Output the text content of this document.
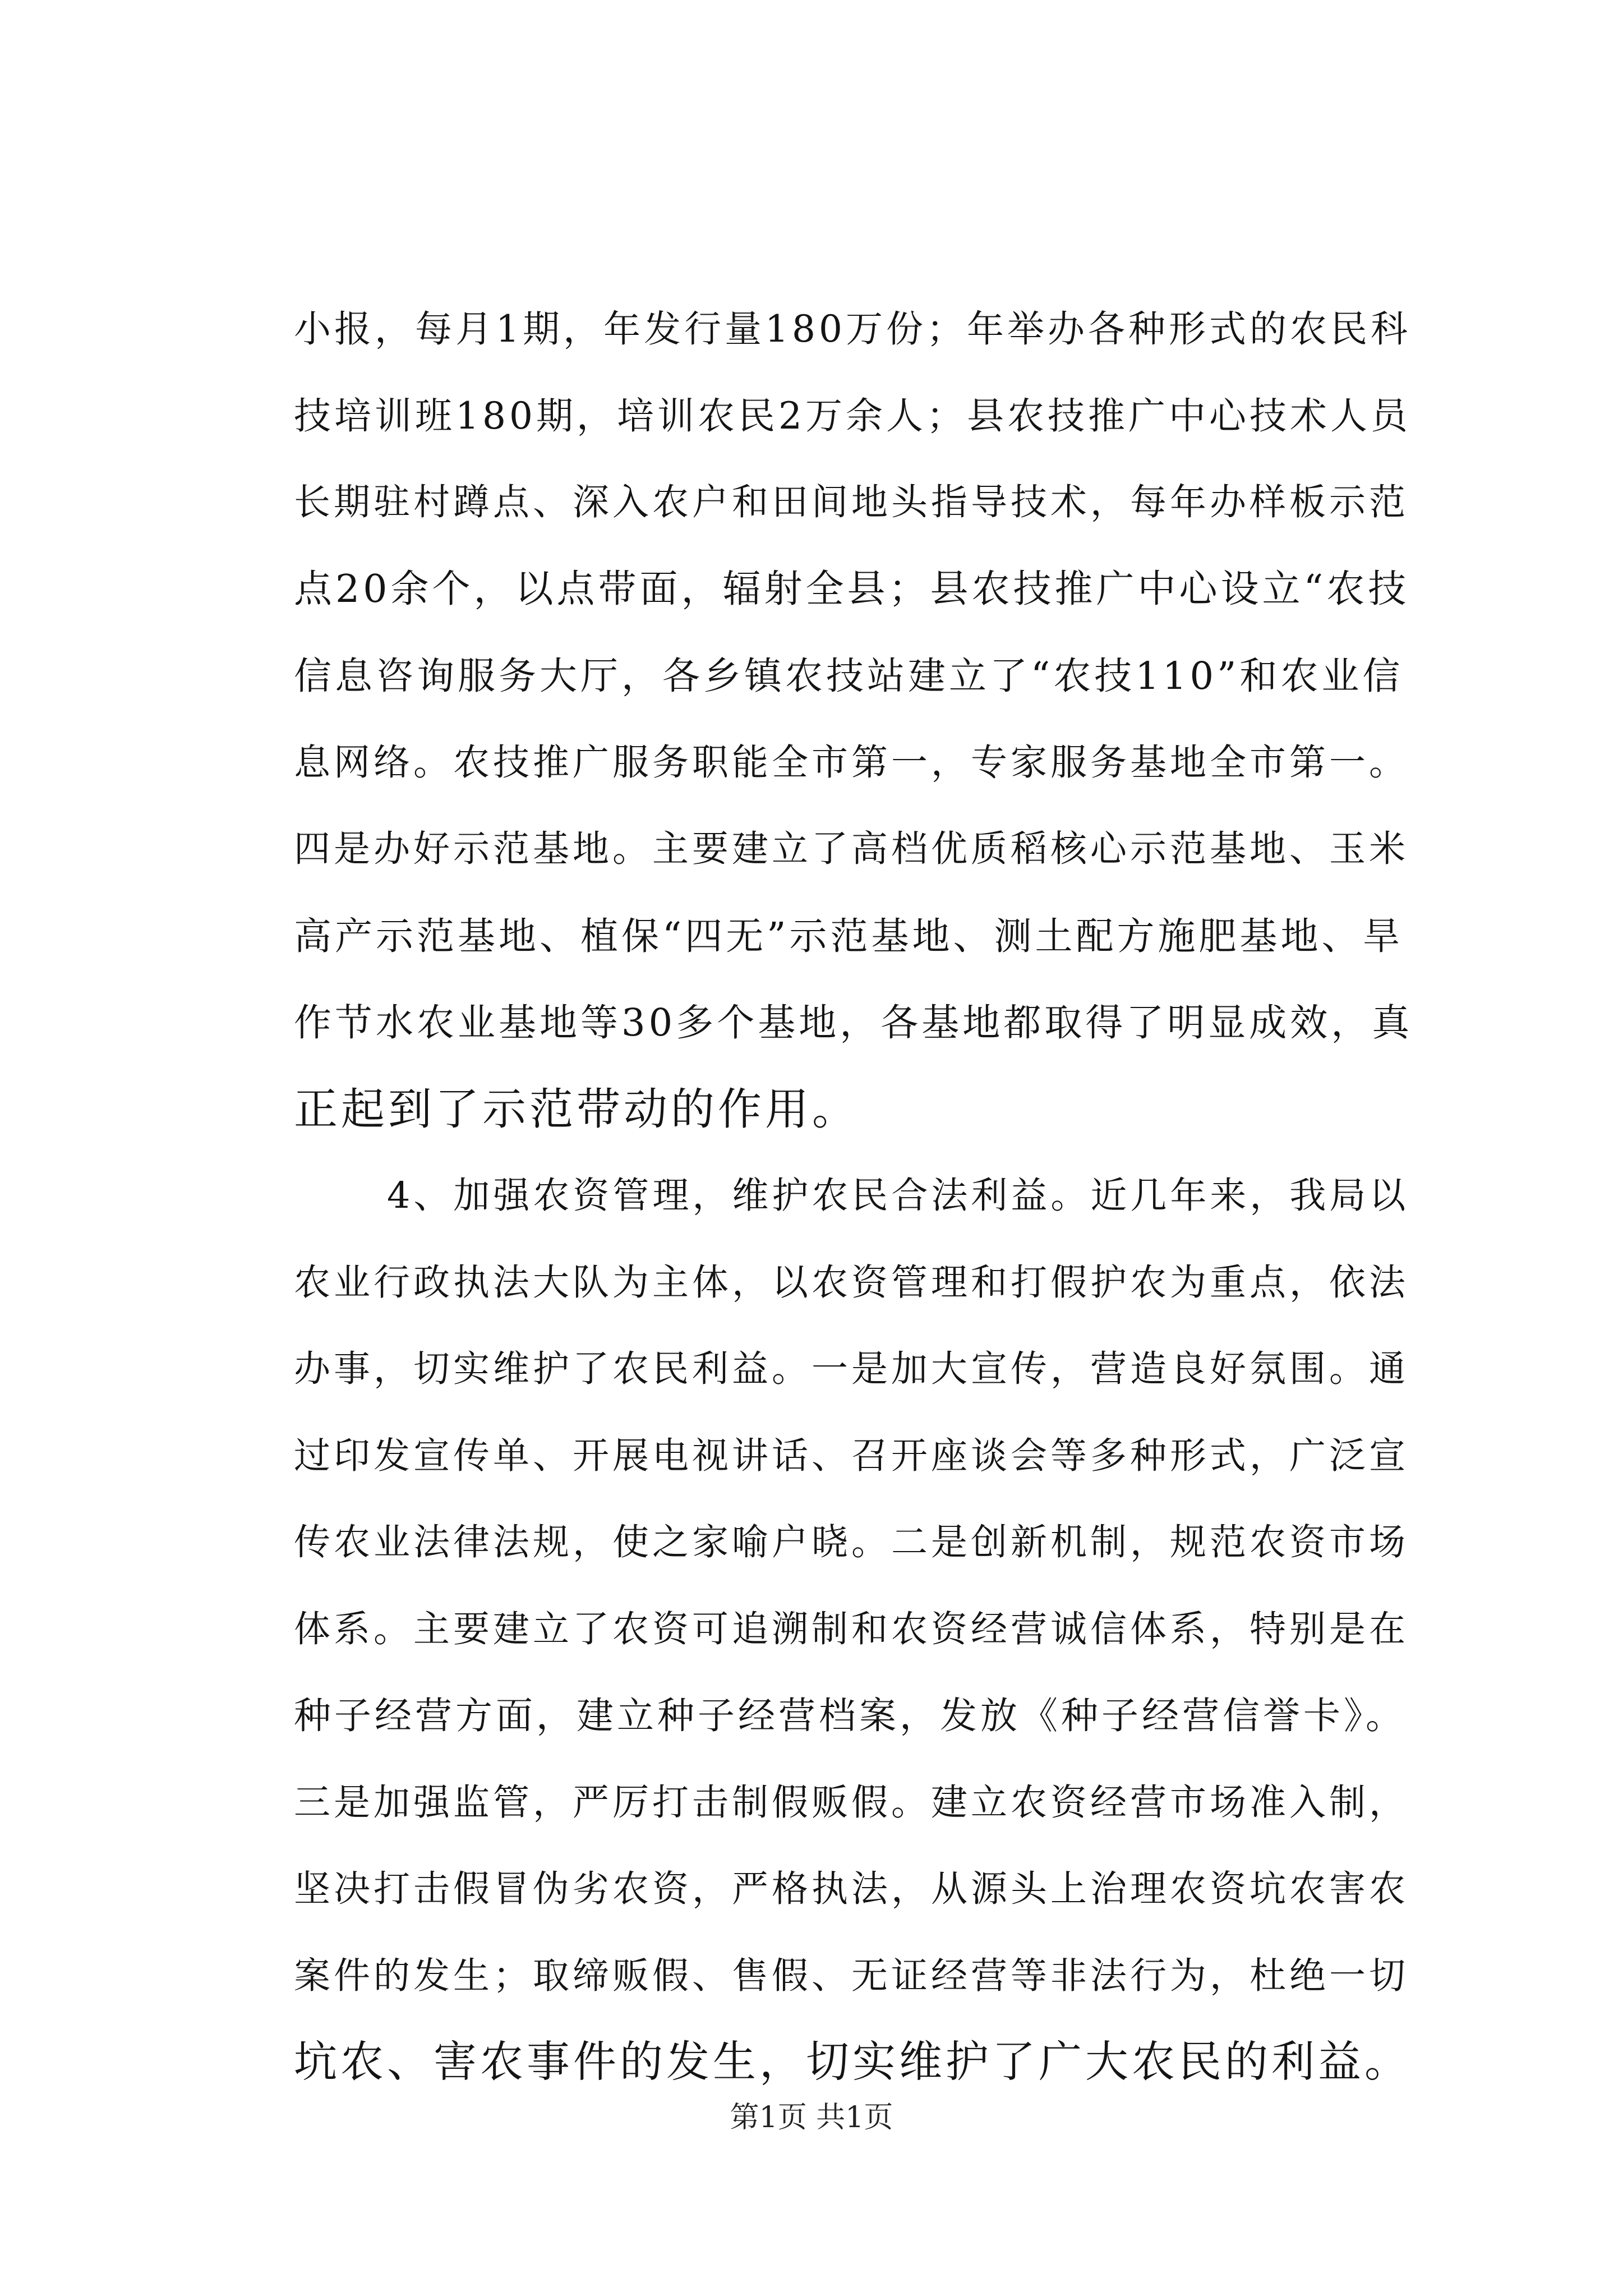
小报，每月1期，年发行量180万份；年举办各种形式的农民科
技培训班180期，培训农民2万余人；县农技推广中心技术人员
长期驻村蹲点、深入农户和田间地头指导技术，每年办样板示范
点20余个，以点带面，辐射全县；县农技推广中心设立“农技
信息咨询服务大厅，各乡镇农技站建立了“农技110”和农业信
息网络。农技推广服务职能全市第一，专家服务基地全市第一。
四是办好示范基地。主要建立了高档优质稻核心示范基地、玉米
高产示范基地、植保“四无”示范基地、测土配方施肥基地、旱
作节水农业基地等30多个基地，各基地都取得了明显成效，真
正起到了示范带动的作用。
4、加强农资管理，维护农民合法利益。近几年来，我局以
农业行政执法大队为主体，以农资管理和打假护农为重点，依法
办事，切实维护了农民利益。一是加大宣传，营造良好氛围。通
过印发宣传单、开展电视讲话、召开座谈会等多种形式，广泛宣
传农业法律法规，使之家喻户晓。二是创新机制，规范农资市场
体系。主要建立了农资可追溯制和农资经营诚信体系，特别是在
种子经营方面，建立种子经营档案，发放《种子经营信誉卡》。
三是加强监管，严厉打击制假贩假。建立农资经营市场准入制，
坚决打击假冒伪劣农资，严格执法，从源头上治理农资坑农害农
案件的发生；取缔贩假、售假、无证经营等非法行为，杜绝一切
坑农、害农事件的发生，切实维护了广大农民的利益。
第1页 共1页
